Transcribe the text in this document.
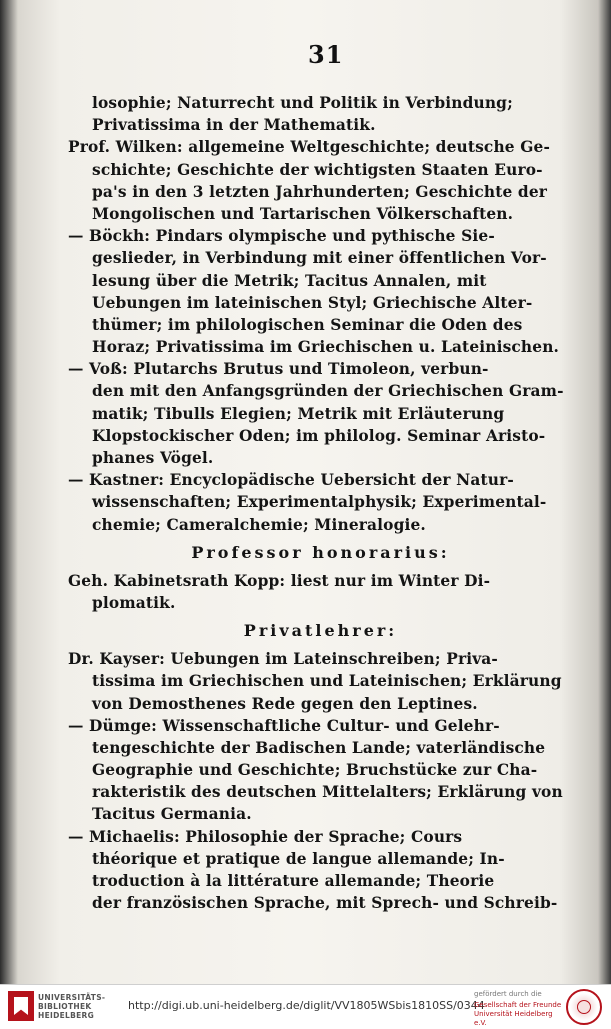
31
losophie; Naturrecht und Politik in Verbindung;
Privatissima in der Mathematik.
Prof. Wilken: allgemeine Weltgeschichte; deutsche Ge-
schichte; Geschichte der wichtigsten Staaten Euro-
pa's in den 3 letzten Jahrhunderten; Geschichte der
Mongolischen und Tartarischen Völkerschaften.
— Böckh: Pindars olympische und pythische Sie-
geslieder, in Verbindung mit einer öffentlichen Vor-
lesung über die Metrik; Tacitus Annalen, mit
Uebungen im lateinischen Styl; Griechische Alter-
thümer; im philologischen Seminar die Oden des
Horaz; Privatissima im Griechischen u. Lateinischen.
— Voß: Plutarchs Brutus und Timoleon, verbun-
den mit den Anfangsgründen der Griechischen Gram-
matik; Tibulls Elegien; Metrik mit Erläuterung
Klopstockischer Oden; im philolog. Seminar Aristo-
phanes Vögel.
— Kastner: Encyclopädische Uebersicht der Natur-
wissenschaften; Experimentalphysik; Experimental-
chemie; Cameralchemie; Mineralogie.
Professor honorarius:
Geh. Kabinetsrath Kopp: liest nur im Winter Di-
plomatik.
Privatlehrer:
Dr. Kayser: Uebungen im Lateinschreiben; Priva-
tissima im Griechischen und Lateinischen; Erklärung
von Demosthenes Rede gegen den Leptines.
— Dümge: Wissenschaftliche Cultur- und Gelehr-
tengeschichte der Badischen Lande; vaterländische
Geographie und Geschichte; Bruchstücke zur Cha-
rakteristik des deutschen Mittelalters; Erklärung von
Tacitus Germania.
— Michaelis: Philosophie der Sprache; Cours
théorique et pratique de langue allemande; In-
troduction à la littérature allemande; Theorie
der französischen Sprache, mit Sprech- und Schreib-
UNIVERSITÄTS- BIBLIOTHEK HEIDELBERG
http://digi.ub.uni-heidelberg.de/diglit/VV1805WSbis1810SS/0344
gefördert durch die
Gesellschaft der Freunde Universität Heidelberg e.V.
